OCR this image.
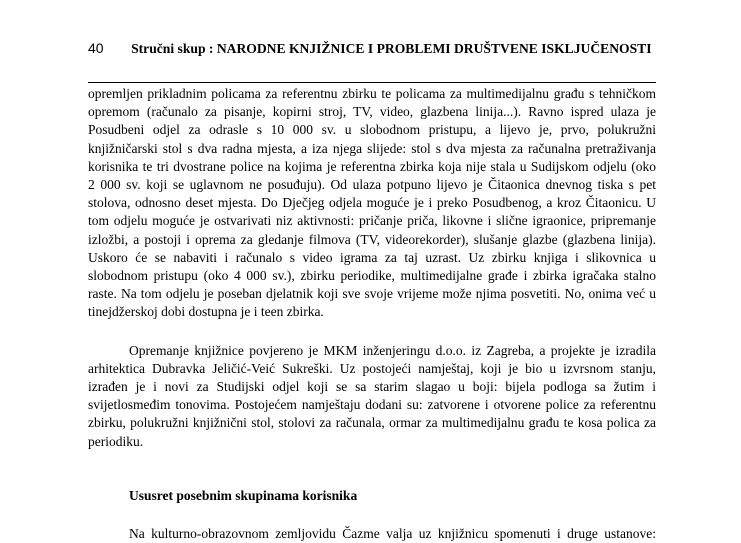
40 Stručni skup : NARODNE KNJIŽNICE I PROBLEMI DRUŠTVENE ISKLJUČENOSTI
opremljen prikladnim policama za referentnu zbirku te policama za multimedijalnu građu s tehničkom
opremom (računalo za pisanje, kopirni stroj, TV, video, glazbena linija...). Ravno ispred ulaza je
Posudbeni odjel za odrasle s 10 000 sv. u slobodnom pristupu, a lijevo je, prvo, polukružni
knjižničarski stol s dva radna mjesta, a iza njega slijede: stol s dva mjesta za računalna pretraživanja
korisnika te tri dvostrane police na kojima je referentna zbirka koja nije stala u Sudijskom odjelu (oko
2 000 sv. koji se uglavnom ne posuđuju). Od ulaza potpuno lijevo je Čitaonica dnevnog tiska s pet
stolova, odnosno deset mjesta. Do Dječjeg odjela moguće je i preko Posudbenog, a kroz Čitaonicu. U
tom odjelu moguće je ostvarivati niz aktivnosti: pričanje priča, likovne i slične igraonice, pripremanje
izložbi, a postoji i oprema za gledanje filmova (TV, videorekorder), slušanje glazbe (glazbena linija).
Uskoro će se nabaviti i računalo s video igrama za taj uzrast. Uz zbirku knjiga i slikovnica u
slobodnom pristupu (oko 4 000 sv.), zbirku periodike, multimedijalne građe i zbirka igračaka stalno
raste. Na tom odjelu je poseban djelatnik koji sve svoje vrijeme može njima posvetiti. No, onima već u
tinejdžerskoj dobi dostupna je i teen zbirka.
Opremanje knjižnice povjereno je MKM inženjeringu d.o.o. iz Zagreba, a projekte je izradila
arhitektica Dubravka Jeličić-Veić Sukreški. Uz postojeći namještaj, koji je bio u izvrsnom stanju,
izrađen je i novi za Studijski odjel koji se sa starim slagao u boji: bijela podloga sa žutim i
svijetlosmeđim tonovima. Postojećem namještaju dodani su: zatvorene i otvorene police za referentnu
zbirku, polukružni knjižnični stol, stolovi za računala, ormar za multimedijalnu građu te kosa polica za
periodiku.
Ususret posebnim skupinama korisnika
Na kulturno-obrazovnom zemljovidu Čazme valja uz knjižnicu spomenuti i druge ustanove:
